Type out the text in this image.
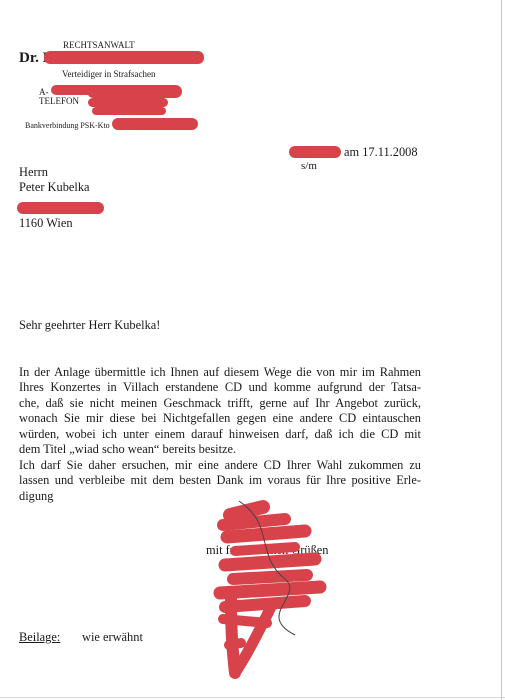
RECHTSANWALT
Dr.
Verteidiger in Strafsachen
A-
TELEFON
Bankverbindung PSK-Kto
am 17.11.2008
s/m
Herrn
Peter Kubelka
1160 Wien
Sehr geehrter Herr Kubelka!
In der Anlage übermittle ich Ihnen auf diesem Wege die von mir im Rahmen
Ihres Konzertes in Villach erstandene CD und komme aufgrund der Tatsa-
che, daß sie nicht meinen Geschmack trifft, gerne auf Ihr Angebot zurück,
wonach Sie mir diese bei Nichtgefallen gegen eine andere CD eintauschen
würden, wobei ich unter einem darauf hinweisen darf, daß ich die CD mit
dem Titel „wiad scho wean“ bereits besitze.
Ich darf Sie daher ersuchen, mir eine andere CD Ihrer Wahl zukommen zu
lassen und verbleibe mit dem besten Dank im voraus für Ihre positive Erle-
digung
mit freundlichen Grüßen
Beilage: wie erwähnt
